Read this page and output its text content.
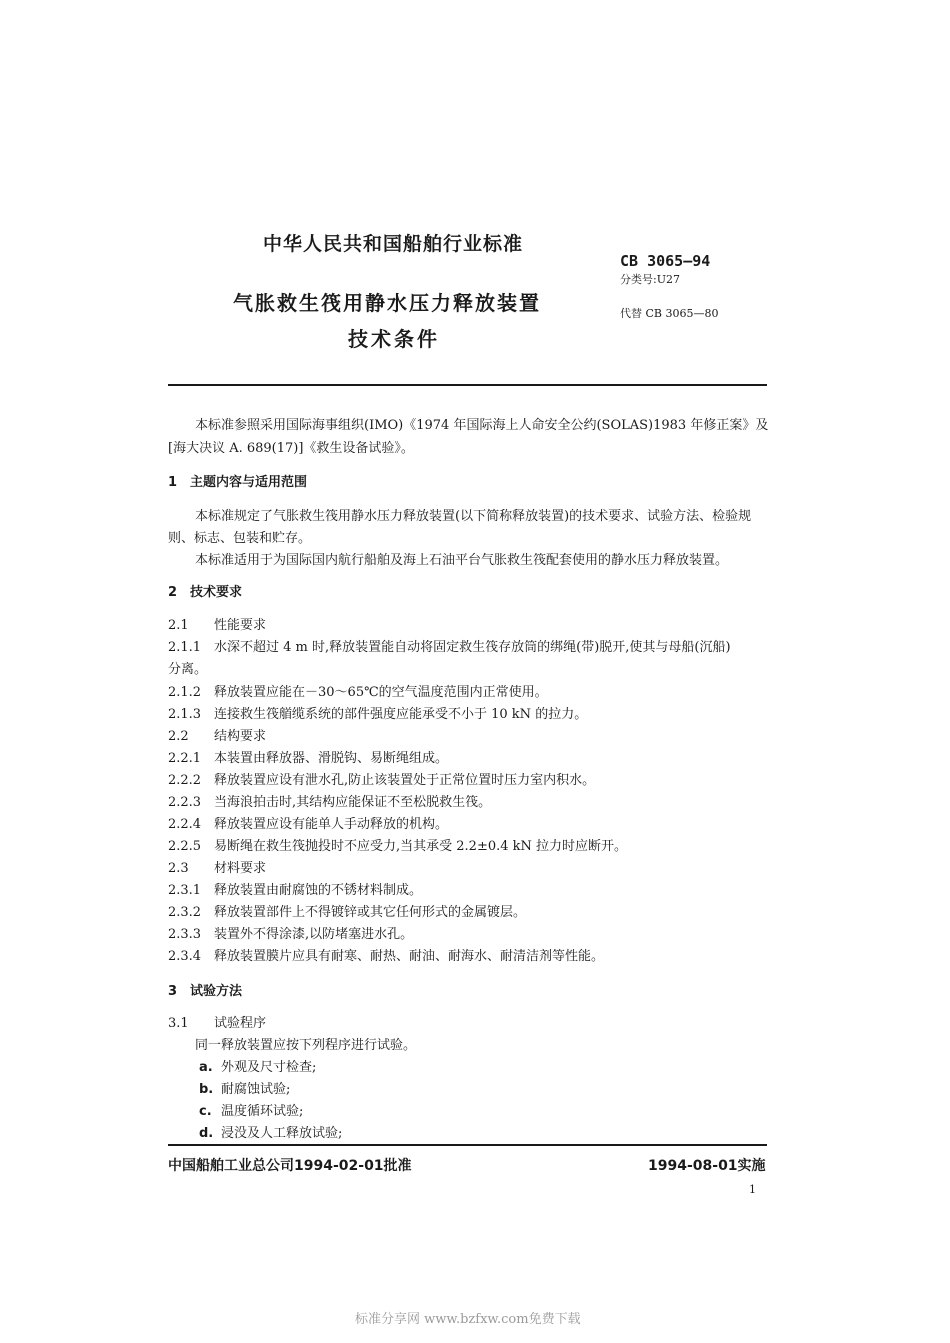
中华人民共和国船舶行业标准
CB 3065—94
分类号:U27
气胀救生筏用静水压力释放装置	代替 CB 3065—80
技术条件
本标准参照采用国际海事组织(IMO)《1974 年国际海上人命安全公约(SOLAS)1983 年修正案》及
[海大决议 A. 689(17)]《救生设备试验》。
1 主题内容与适用范围
本标准规定了气胀救生筏用静水压力释放装置(以下简称释放装置)的技术要求、试验方法、检验规
则、标志、包装和贮存。
本标准适用于为国际国内航行船舶及海上石油平台气胀救生筏配套使用的静水压力释放装置。
2 技术要求
2.1 性能要求
2.1.1 水深不超过 4 m 时,释放装置能自动将固定救生筏存放筒的绑绳(带)脱开,使其与母船(沉船)
分离。
2.1.2 释放装置应能在－30～65℃的空气温度范围内正常使用。
2.1.3 连接救生筏艏缆系统的部件强度应能承受不小于 10 kN 的拉力。
2.2 结构要求
2.2.1 本装置由释放器、滑脱钩、易断绳组成。
2.2.2 释放装置应设有泄水孔,防止该装置处于正常位置时压力室内积水。
2.2.3 当海浪拍击时,其结构应能保证不至松脱救生筏。
2.2.4 释放装置应设有能单人手动释放的机构。
2.2.5 易断绳在救生筏抛投时不应受力,当其承受 2.2±0.4 kN 拉力时应断开。
2.3 材料要求
2.3.1 释放装置由耐腐蚀的不锈材料制成。
2.3.2 释放装置部件上不得镀锌或其它任何形式的金属镀层。
2.3.3 装置外不得涂漆,以防堵塞进水孔。
2.3.4 释放装置膜片应具有耐寒、耐热、耐油、耐海水、耐清洁剂等性能。
3 试验方法
3.1 试验程序
同一释放装置应按下列程序进行试验。
a. 外观及尺寸检查;
b. 耐腐蚀试验;
c. 温度循环试验;
d. 浸没及人工释放试验;
中国船舶工业总公司1994-02-01批准	1994-08-01实施
1
标准分享网 www.bzfxw.com免费下载
